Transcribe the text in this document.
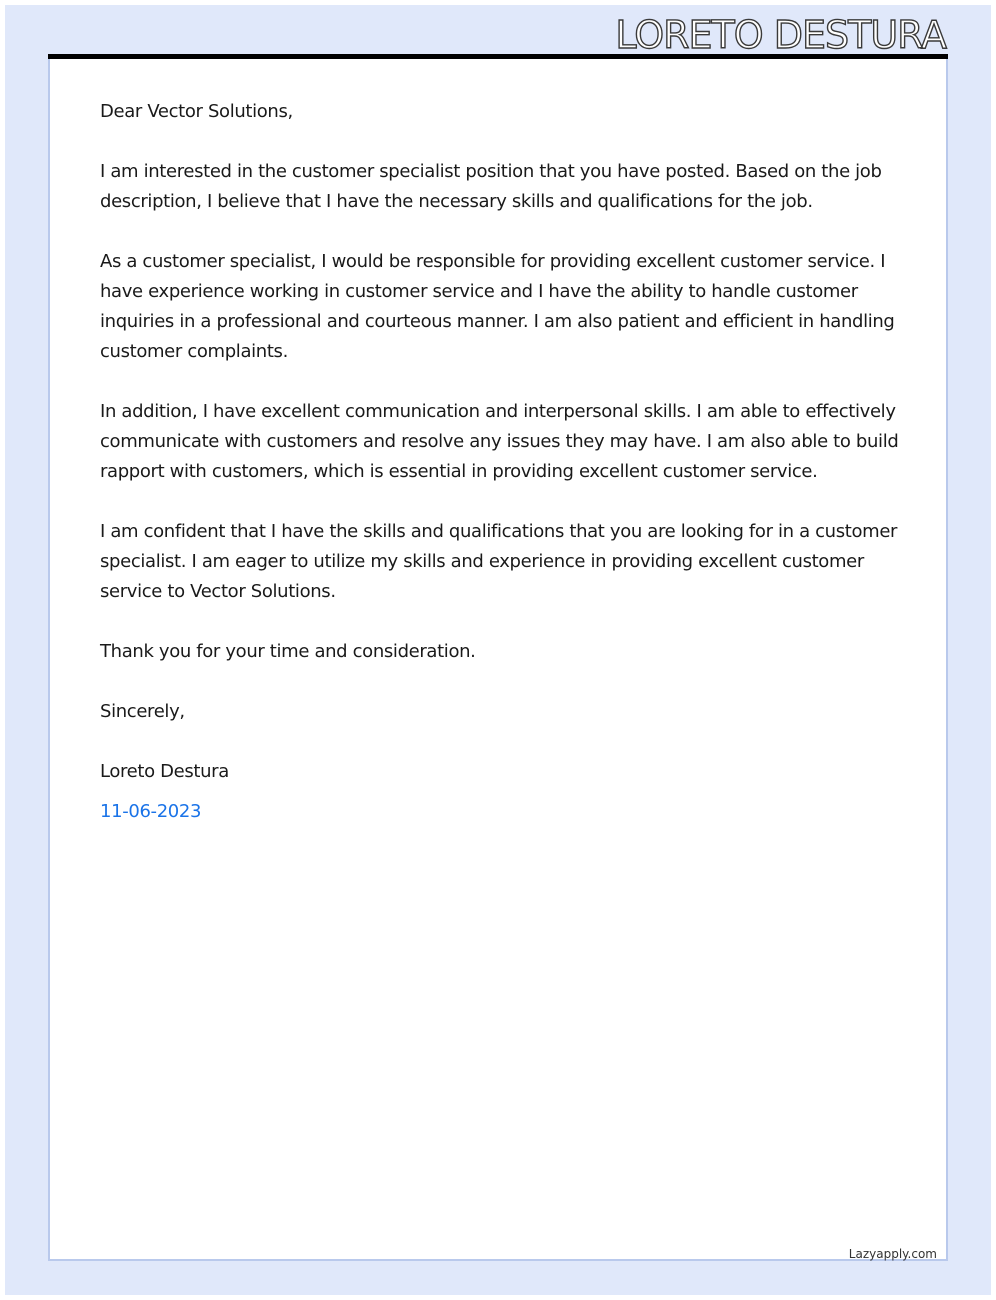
LORETO DESTURA

Dear Vector Solutions,

I am interested in the customer specialist position that you have posted. Based on the job description, I believe that I have the necessary skills and qualifications for the job.

As a customer specialist, I would be responsible for providing excellent customer service. I have experience working in customer service and I have the ability to handle customer inquiries in a professional and courteous manner. I am also patient and efficient in handling customer complaints.

In addition, I have excellent communication and interpersonal skills. I am able to effectively communicate with customers and resolve any issues they may have. I am also able to build rapport with customers, which is essential in providing excellent customer service.

I am confident that I have the skills and qualifications that you are looking for in a customer specialist. I am eager to utilize my skills and experience in providing excellent customer service to Vector Solutions.

Thank you for your time and consideration.

Sincerely,

Loreto Destura

11-06-2023

Lazyapply.com
